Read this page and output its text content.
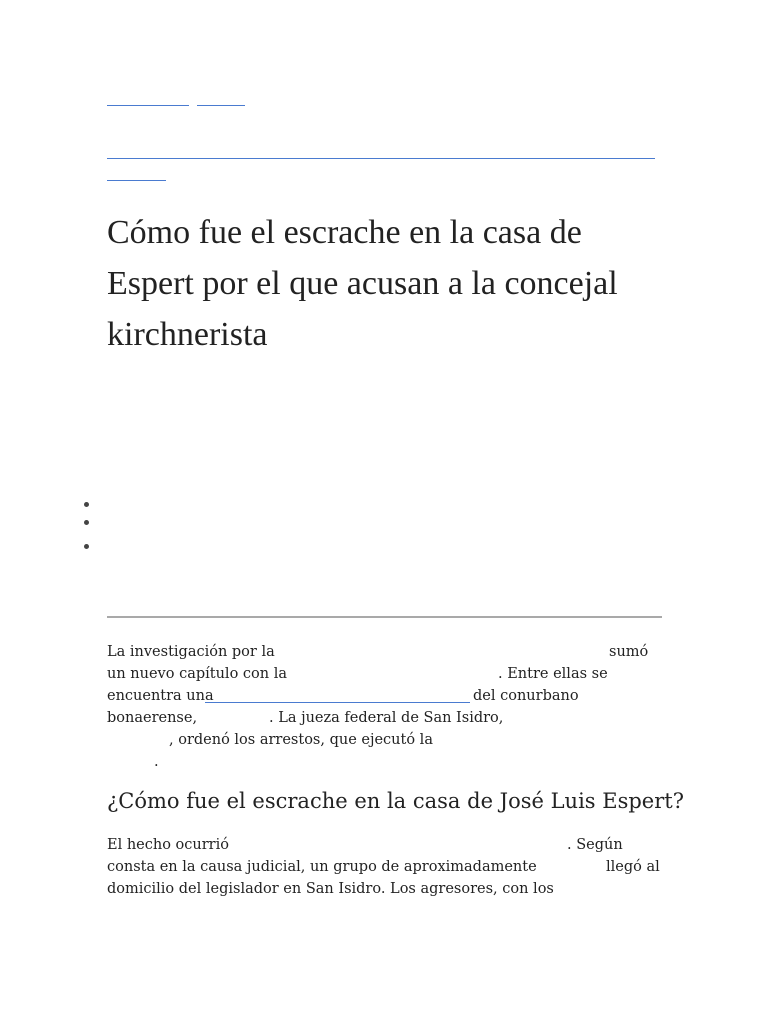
Cómo fue el escrache en la casa de Espert por el que acusan a la concejal kirchnerista
La investigación por la	sumó
un nuevo capítulo con la	. Entre ellas se
encuentra una	del conurbano
bonaerense,	. La jueza federal de San Isidro,
, ordenó los arrestos, que ejecutó la
.
¿Cómo fue el escrache en la casa de José Luis Espert?
El hecho ocurrió	. Según
consta en la causa judicial, un grupo de aproximadamente	llegó al
domicilio del legislador en San Isidro. Los agresores, con los
